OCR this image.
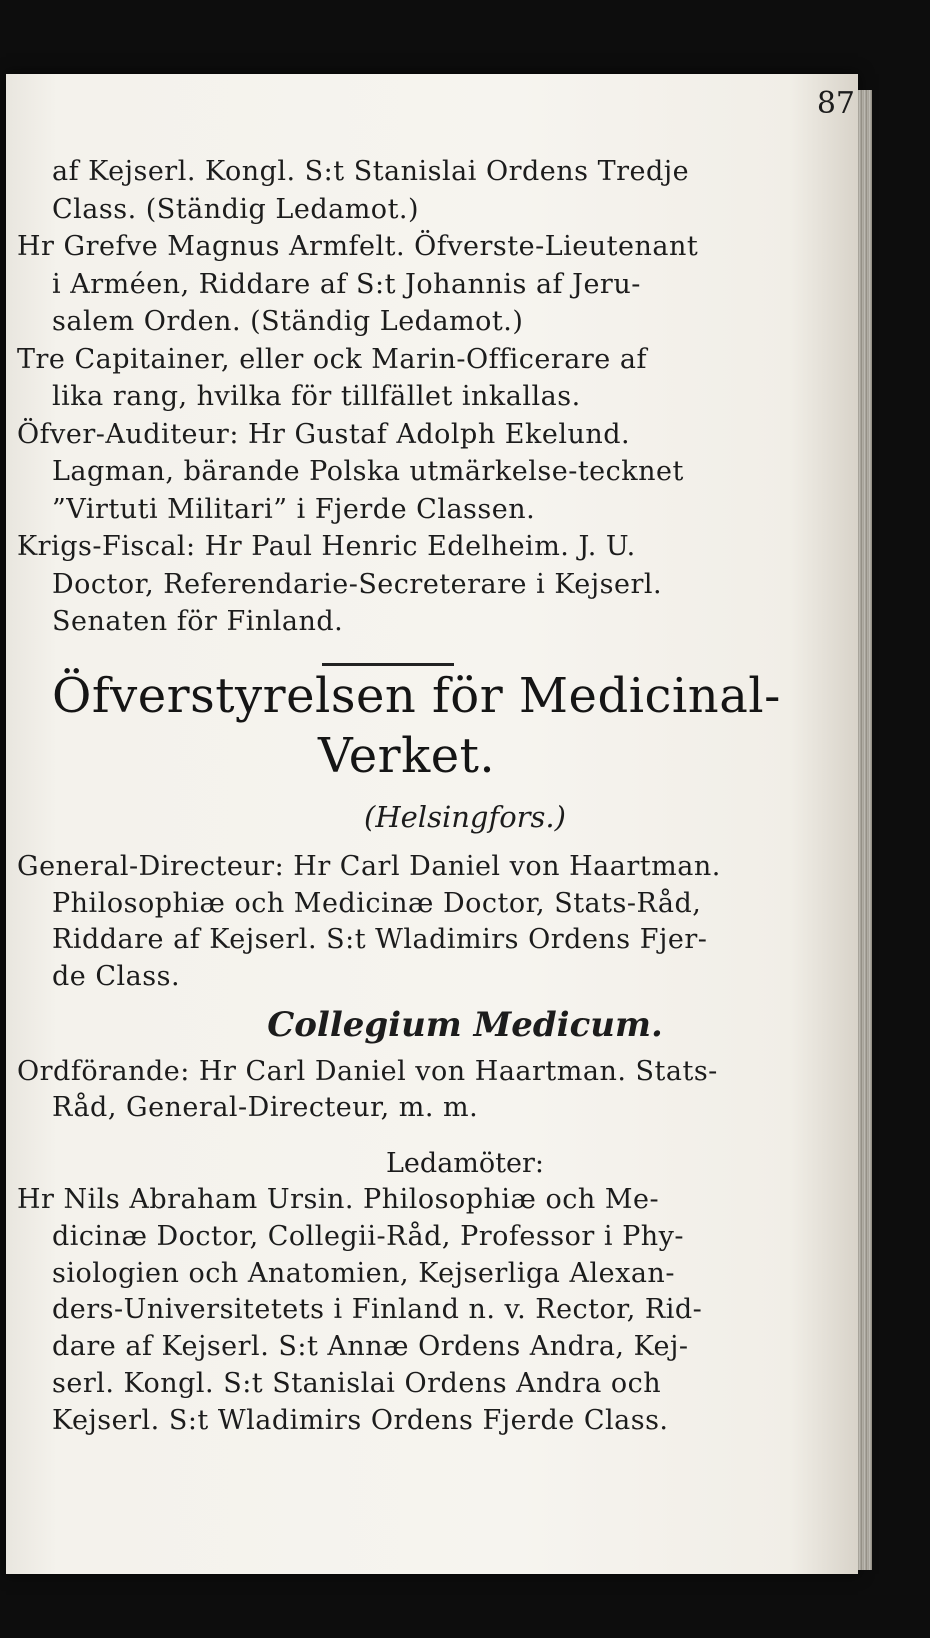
87
af Kejserl. Kongl. S:t Stanislai Ordens Tredje
Class. (Ständig Ledamot.)
Hr Grefve Magnus Armfelt. Öfverste-Lieutenant
i Arméen, Riddare af S:t Johannis af Jeru-
salem Orden. (Ständig Ledamot.)
Tre Capitainer, eller ock Marin-Officerare af
lika rang, hvilka för tillfället inkallas.
Öfver-Auditeur: Hr Gustaf Adolph Ekelund.
Lagman, bärande Polska utmärkelse-tecknet
”Virtuti Militari” i Fjerde Classen.
Krigs-Fiscal: Hr Paul Henric Edelheim. J. U.
Doctor, Referendarie-Secreterare i Kejserl.
Senaten för Finland.
Öfverstyrelsen för Medicinal-
Verket.
(Helsingfors.)
General-Directeur: Hr Carl Daniel von Haartman.
Philosophiæ och Medicinæ Doctor, Stats-Råd,
Riddare af Kejserl. S:t Wladimirs Ordens Fjer-
de Class.
Collegium Medicum.
Ordförande: Hr Carl Daniel von Haartman. Stats-
Råd, General-Directeur, m. m.
Ledamöter:
Hr Nils Abraham Ursin. Philosophiæ och Me-
dicinæ Doctor, Collegii-Råd, Professor i Phy-
siologien och Anatomien, Kejserliga Alexan-
ders-Universitetets i Finland n. v. Rector, Rid-
dare af Kejserl. S:t Annæ Ordens Andra, Kej-
serl. Kongl. S:t Stanislai Ordens Andra och
Kejserl. S:t Wladimirs Ordens Fjerde Class.
